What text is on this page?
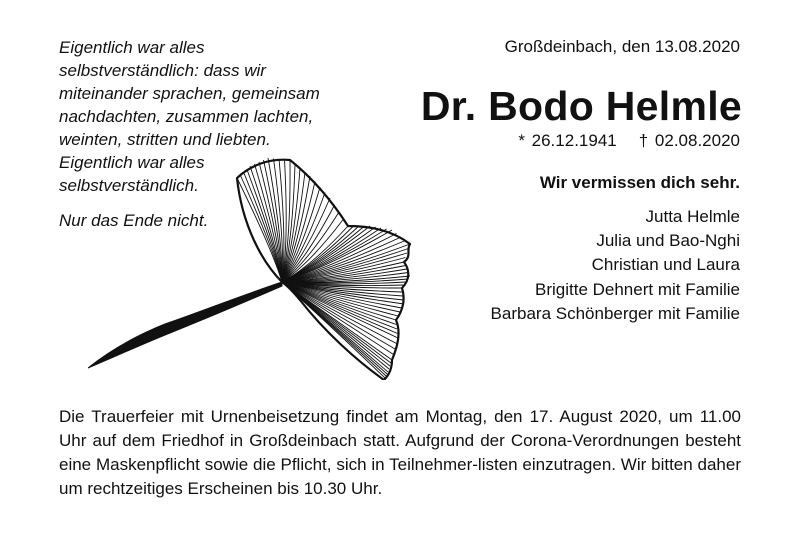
Eigentlich war alles
selbstverständlich: dass wir
miteinander sprachen, gemeinsam
nachdachten, zusammen lachten,
weinten, stritten und liebten.
Eigentlich war alles
selbstverständlich.
Nur das Ende nicht.
Großdeinbach, den 13.08.2020
Dr. Bodo Helmle
* 26.12.1941 † 02.08.2020
Wir vermissen dich sehr.
Jutta Helmle
Julia und Bao-Nghi
Christian und Laura
Brigitte Dehnert mit Familie
Barbara Schönberger mit Familie
Die Trauerfeier mit Urnenbeisetzung findet am Montag, den 17. August 2020, um 11.00 Uhr auf dem Friedhof in Großdeinbach statt. Aufgrund der Corona-Verordnungen besteht eine Maskenpflicht sowie die Pflicht, sich in Teilnehmer-listen einzutragen. Wir bitten daher um rechtzeitiges Erscheinen bis 10.30 Uhr.
